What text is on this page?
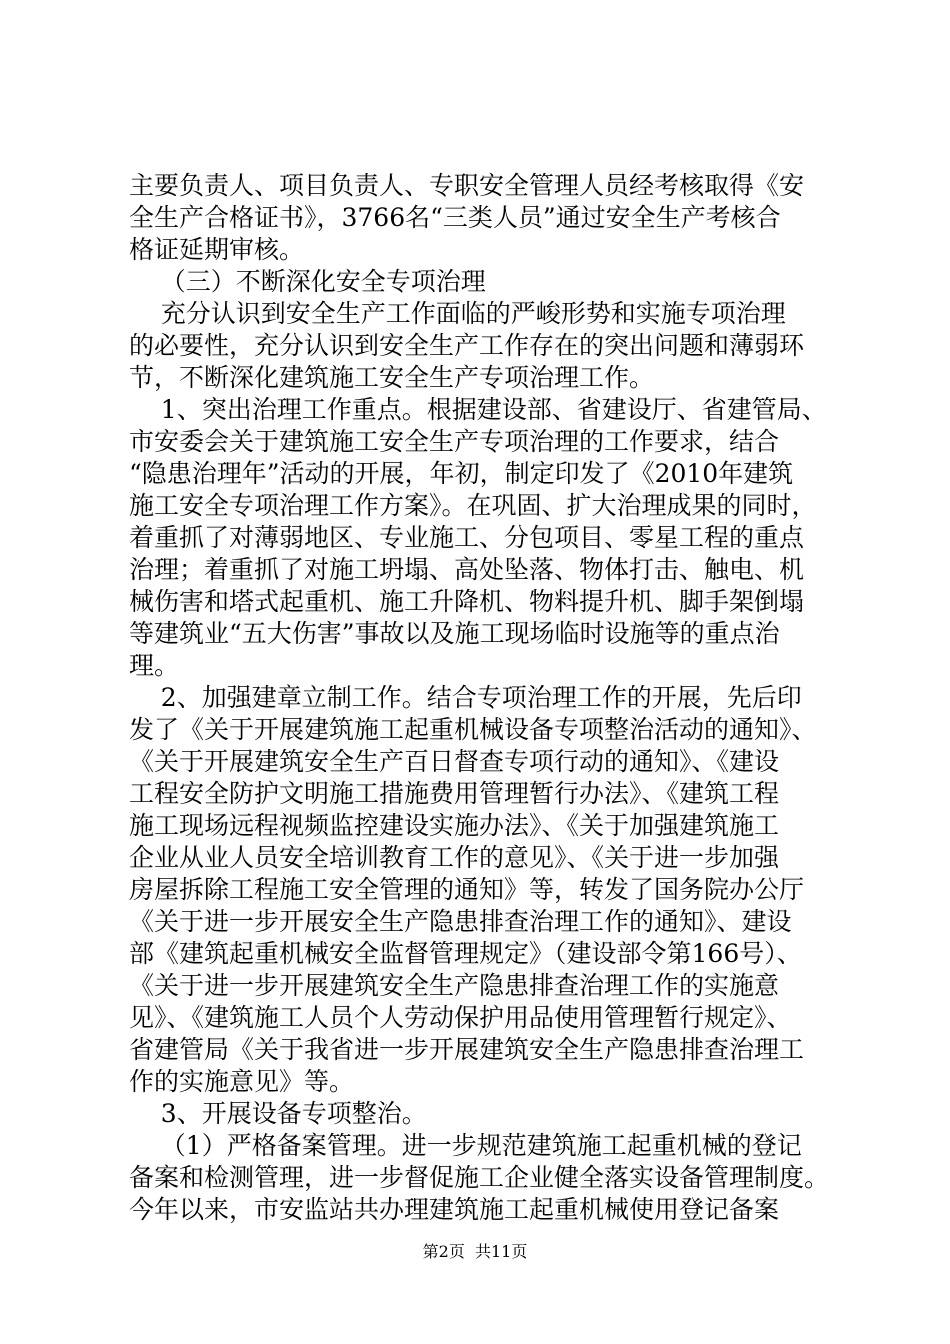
主要负责人、项目负责人、专职安全管理人员经考核取得《安
全生产合格证书》，3766名“三类人员”通过安全生产考核合
格证延期审核。
（三）不断深化安全专项治理
充分认识到安全生产工作面临的严峻形势和实施专项治理
的必要性，充分认识到安全生产工作存在的突出问题和薄弱环
节，不断深化建筑施工安全生产专项治理工作。
1、突出治理工作重点。根据建设部、省建设厅、省建管局、
市安委会关于建筑施工安全生产专项治理的工作要求，结合
“隐患治理年”活动的开展，年初，制定印发了《2010年建筑
施工安全专项治理工作方案》。在巩固、扩大治理成果的同时，
着重抓了对薄弱地区、专业施工、分包项目、零星工程的重点
治理；着重抓了对施工坍塌、高处坠落、物体打击、触电、机
械伤害和塔式起重机、施工升降机、物料提升机、脚手架倒塌
等建筑业“五大伤害”事故以及施工现场临时设施等的重点治
理。
2、加强建章立制工作。结合专项治理工作的开展，先后印
发了《关于开展建筑施工起重机械设备专项整治活动的通知》、
《关于开展建筑安全生产百日督查专项行动的通知》、《建设
工程安全防护文明施工措施费用管理暂行办法》、《建筑工程
施工现场远程视频监控建设实施办法》、《关于加强建筑施工
企业从业人员安全培训教育工作的意见》、《关于进一步加强
房屋拆除工程施工安全管理的通知》等，转发了国务院办公厅
《关于进一步开展安全生产隐患排查治理工作的通知》、建设
部《建筑起重机械安全监督管理规定》（建设部令第166号）、
《关于进一步开展建筑安全生产隐患排查治理工作的实施意
见》、《建筑施工人员个人劳动保护用品使用管理暂行规定》、
省建管局《关于我省进一步开展建筑安全生产隐患排查治理工
作的实施意见》等。
3、开展设备专项整治。
（1）严格备案管理。进一步规范建筑施工起重机械的登记
备案和检测管理，进一步督促施工企业健全落实设备管理制度。
今年以来，市安监站共办理建筑施工起重机械使用登记备案
第2页  共11页
